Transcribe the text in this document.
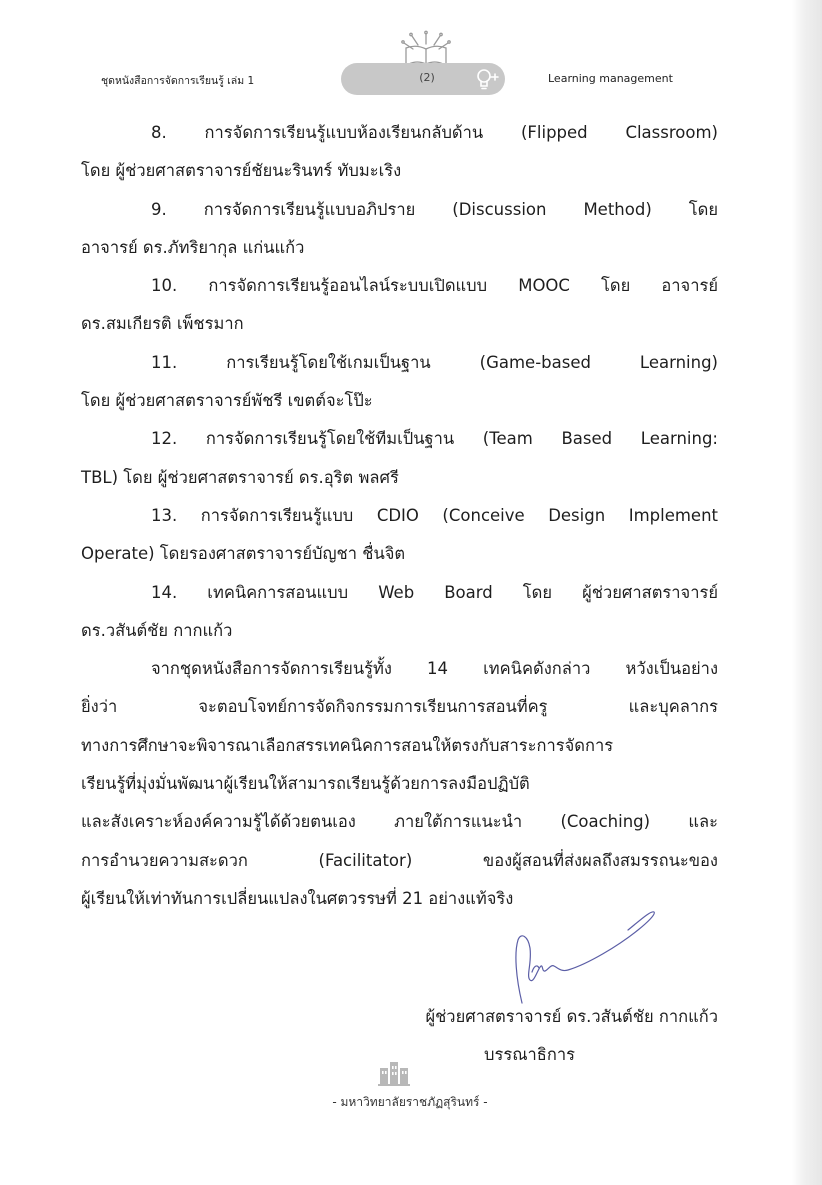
ชุดหนังสือการจัดการเรียนรู้ เล่ม 1	(2)	Learning management
8. การจัดการเรียนรู้แบบห้องเรียนกลับด้าน (Flipped Classroom)
โดย ผู้ช่วยศาสตราจารย์ชัยนะรินทร์ ทับมะเริง
9. การจัดการเรียนรู้แบบอภิปราย (Discussion Method) โดย
อาจารย์ ดร.ภัทริยากุล แก่นแก้ว
10. การจัดการเรียนรู้ออนไลน์ระบบเปิดแบบ MOOC โดย อาจารย์
ดร.สมเกียรติ เพ็ชรมาก
11. การเรียนรู้โดยใช้เกมเป็นฐาน (Game-based Learning)
โดย ผู้ช่วยศาสตราจารย์พัชรี เขตต์จะโป๊ะ
12. การจัดการเรียนรู้โดยใช้ทีมเป็นฐาน (Team Based Learning:
TBL) โดย ผู้ช่วยศาสตราจารย์ ดร.อุริต พลศรี
13. การจัดการเรียนรู้แบบ CDIO (Conceive Design Implement
Operate) โดยรองศาสตราจารย์บัญชา ชื่นจิต
14. เทคนิคการสอนแบบ Web Board โดย ผู้ช่วยศาสตราจารย์
ดร.วสันต์ชัย กากแก้ว
จากชุดหนังสือการจัดการเรียนรู้ทั้ง 14 เทคนิคดังกล่าว หวังเป็นอย่าง
ยิ่งว่า จะตอบโจทย์การจัดกิจกรรมการเรียนการสอนที่ครู และบุคลากร
ทางการศึกษาจะพิจารณาเลือกสรรเทคนิคการสอนให้ตรงกับสาระการจัดการ
เรียนรู้ที่มุ่งมั่นพัฒนาผู้เรียนให้สามารถเรียนรู้ด้วยการลงมือปฏิบัติ
และสังเคราะห์องค์ความรู้ได้ด้วยตนเอง ภายใต้การแนะนำ (Coaching) และ
การอำนวยความสะดวก (Facilitator) ของผู้สอนที่ส่งผลถึงสมรรถนะของ
ผู้เรียนให้เท่าทันการเปลี่ยนแปลงในศตวรรษที่ 21 อย่างแท้จริง
ผู้ช่วยศาสตราจารย์ ดร.วสันต์ชัย กากแก้ว
บรรณาธิการ
- มหาวิทยาลัยราชภัฏสุรินทร์ -
